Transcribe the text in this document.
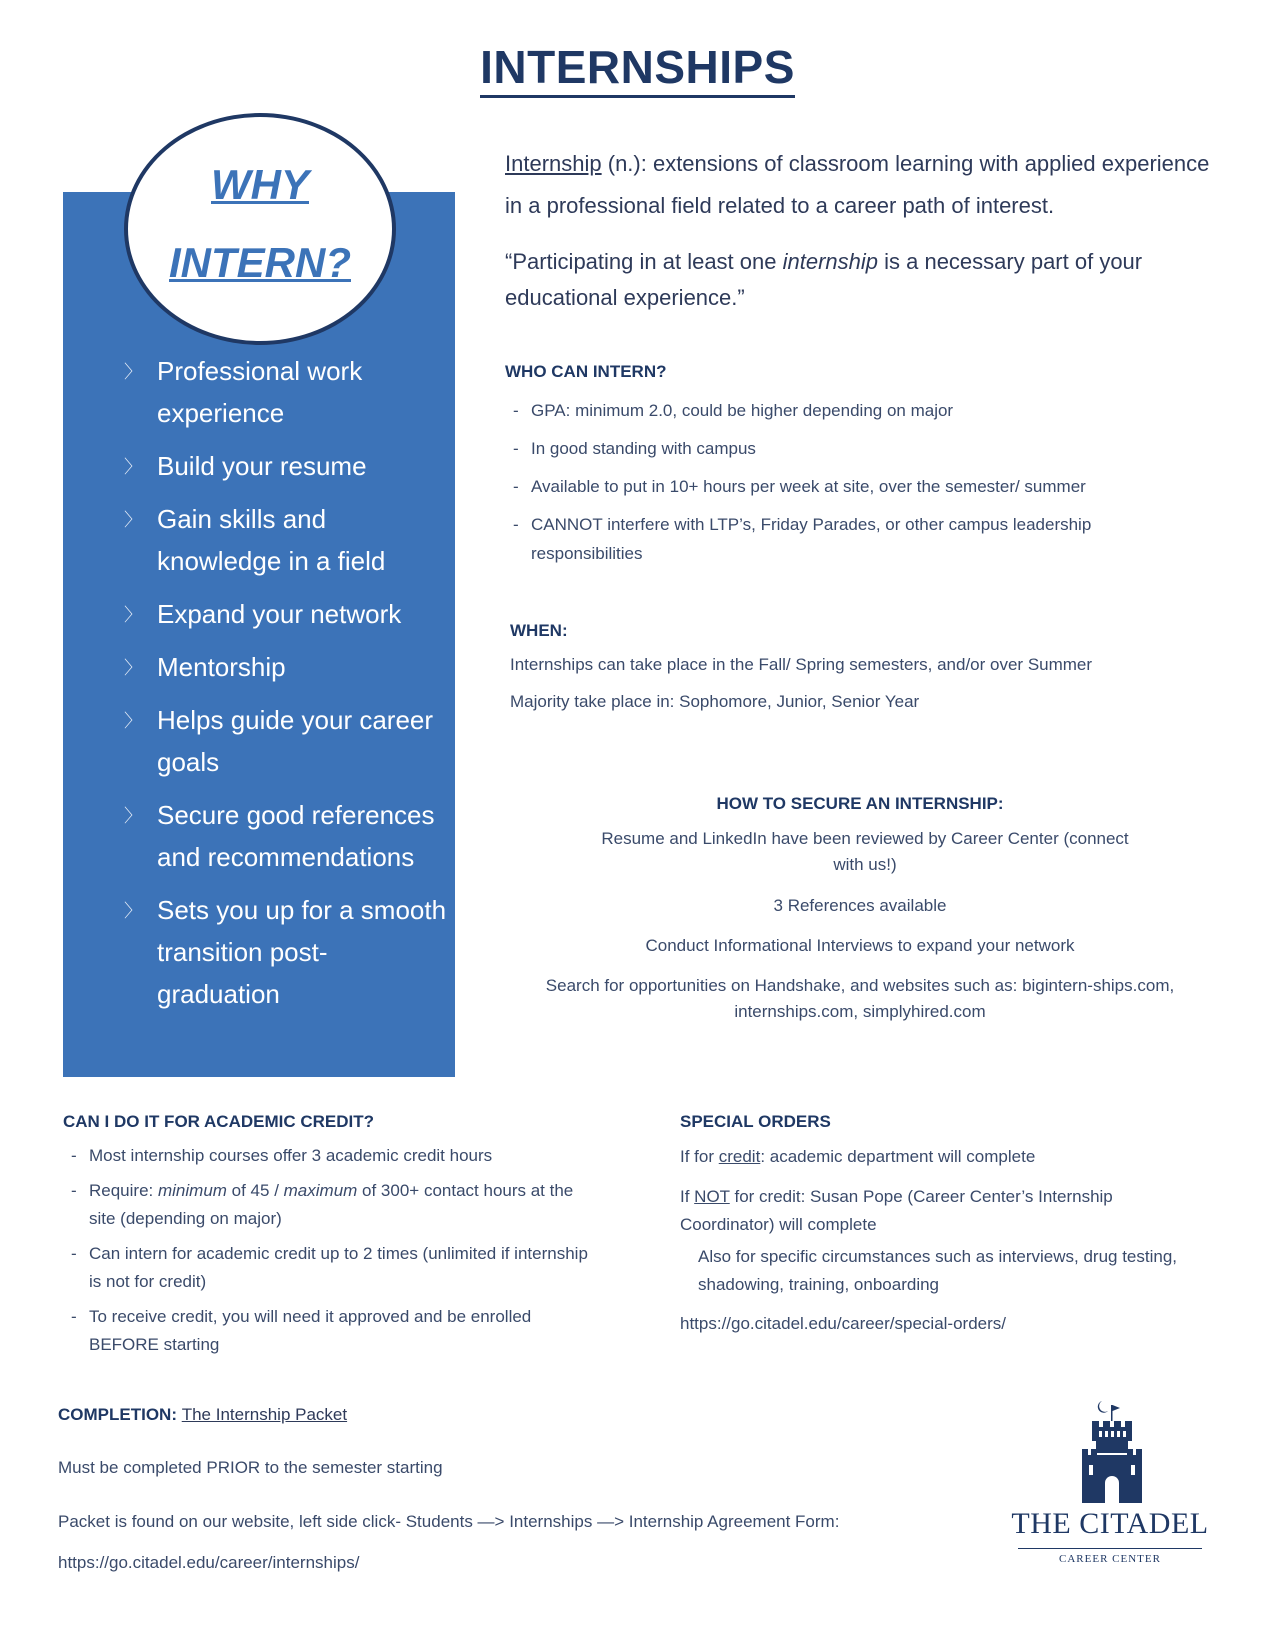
INTERNSHIPS
WHY
INTERN?
〉 Professional work experience
〉 Build your resume
〉 Gain skills and knowledge in a field
〉 Expand your network
〉 Mentorship
〉 Helps guide your career goals
〉 Secure good references and recommendations
〉 Sets you up for a smooth transition post-graduation
Internship (n.): extensions of classroom learning with applied experience in a professional field related to a career path of interest.
“Participating in at least one internship is a necessary part of your educational experience.”
WHO CAN INTERN?
- GPA: minimum 2.0, could be higher depending on major
- In good standing with campus
- Available to put in 10+ hours per week at site, over the semester/ summer
- CANNOT interfere with LTP’s, Friday Parades, or other campus leadership responsibilities
WHEN:
Internships can take place in the Fall/ Spring semesters, and/or over Summer
Majority take place in: Sophomore, Junior, Senior Year
HOW TO SECURE AN INTERNSHIP:
Resume and LinkedIn have been reviewed by Career Center (connect with us!)
3 References available
Conduct Informational Interviews to expand your network
Search for opportunities on Handshake, and websites such as: bigintern-ships.com, internships.com, simplyhired.com
CAN I DO IT FOR ACADEMIC CREDIT?
- Most internship courses offer 3 academic credit hours
- Require: minimum of 45 / maximum of 300+ contact hours at the site (depending on major)
- Can intern for academic credit up to 2 times (unlimited if internship is not for credit)
- To receive credit, you will need it approved and be enrolled BEFORE starting
SPECIAL ORDERS
If for credit: academic department will complete
If NOT for credit: Susan Pope (Career Center’s Internship Coordinator) will complete
Also for specific circumstances such as interviews, drug testing, shadowing, training, onboarding
https://go.citadel.edu/career/special-orders/
COMPLETION: The Internship Packet
Must be completed PRIOR to the semester starting
Packet is found on our website, left side click- Students —> Internships —> Internship Agreement Form:
https://go.citadel.edu/career/internships/
THE CITADEL
CAREER CENTER
